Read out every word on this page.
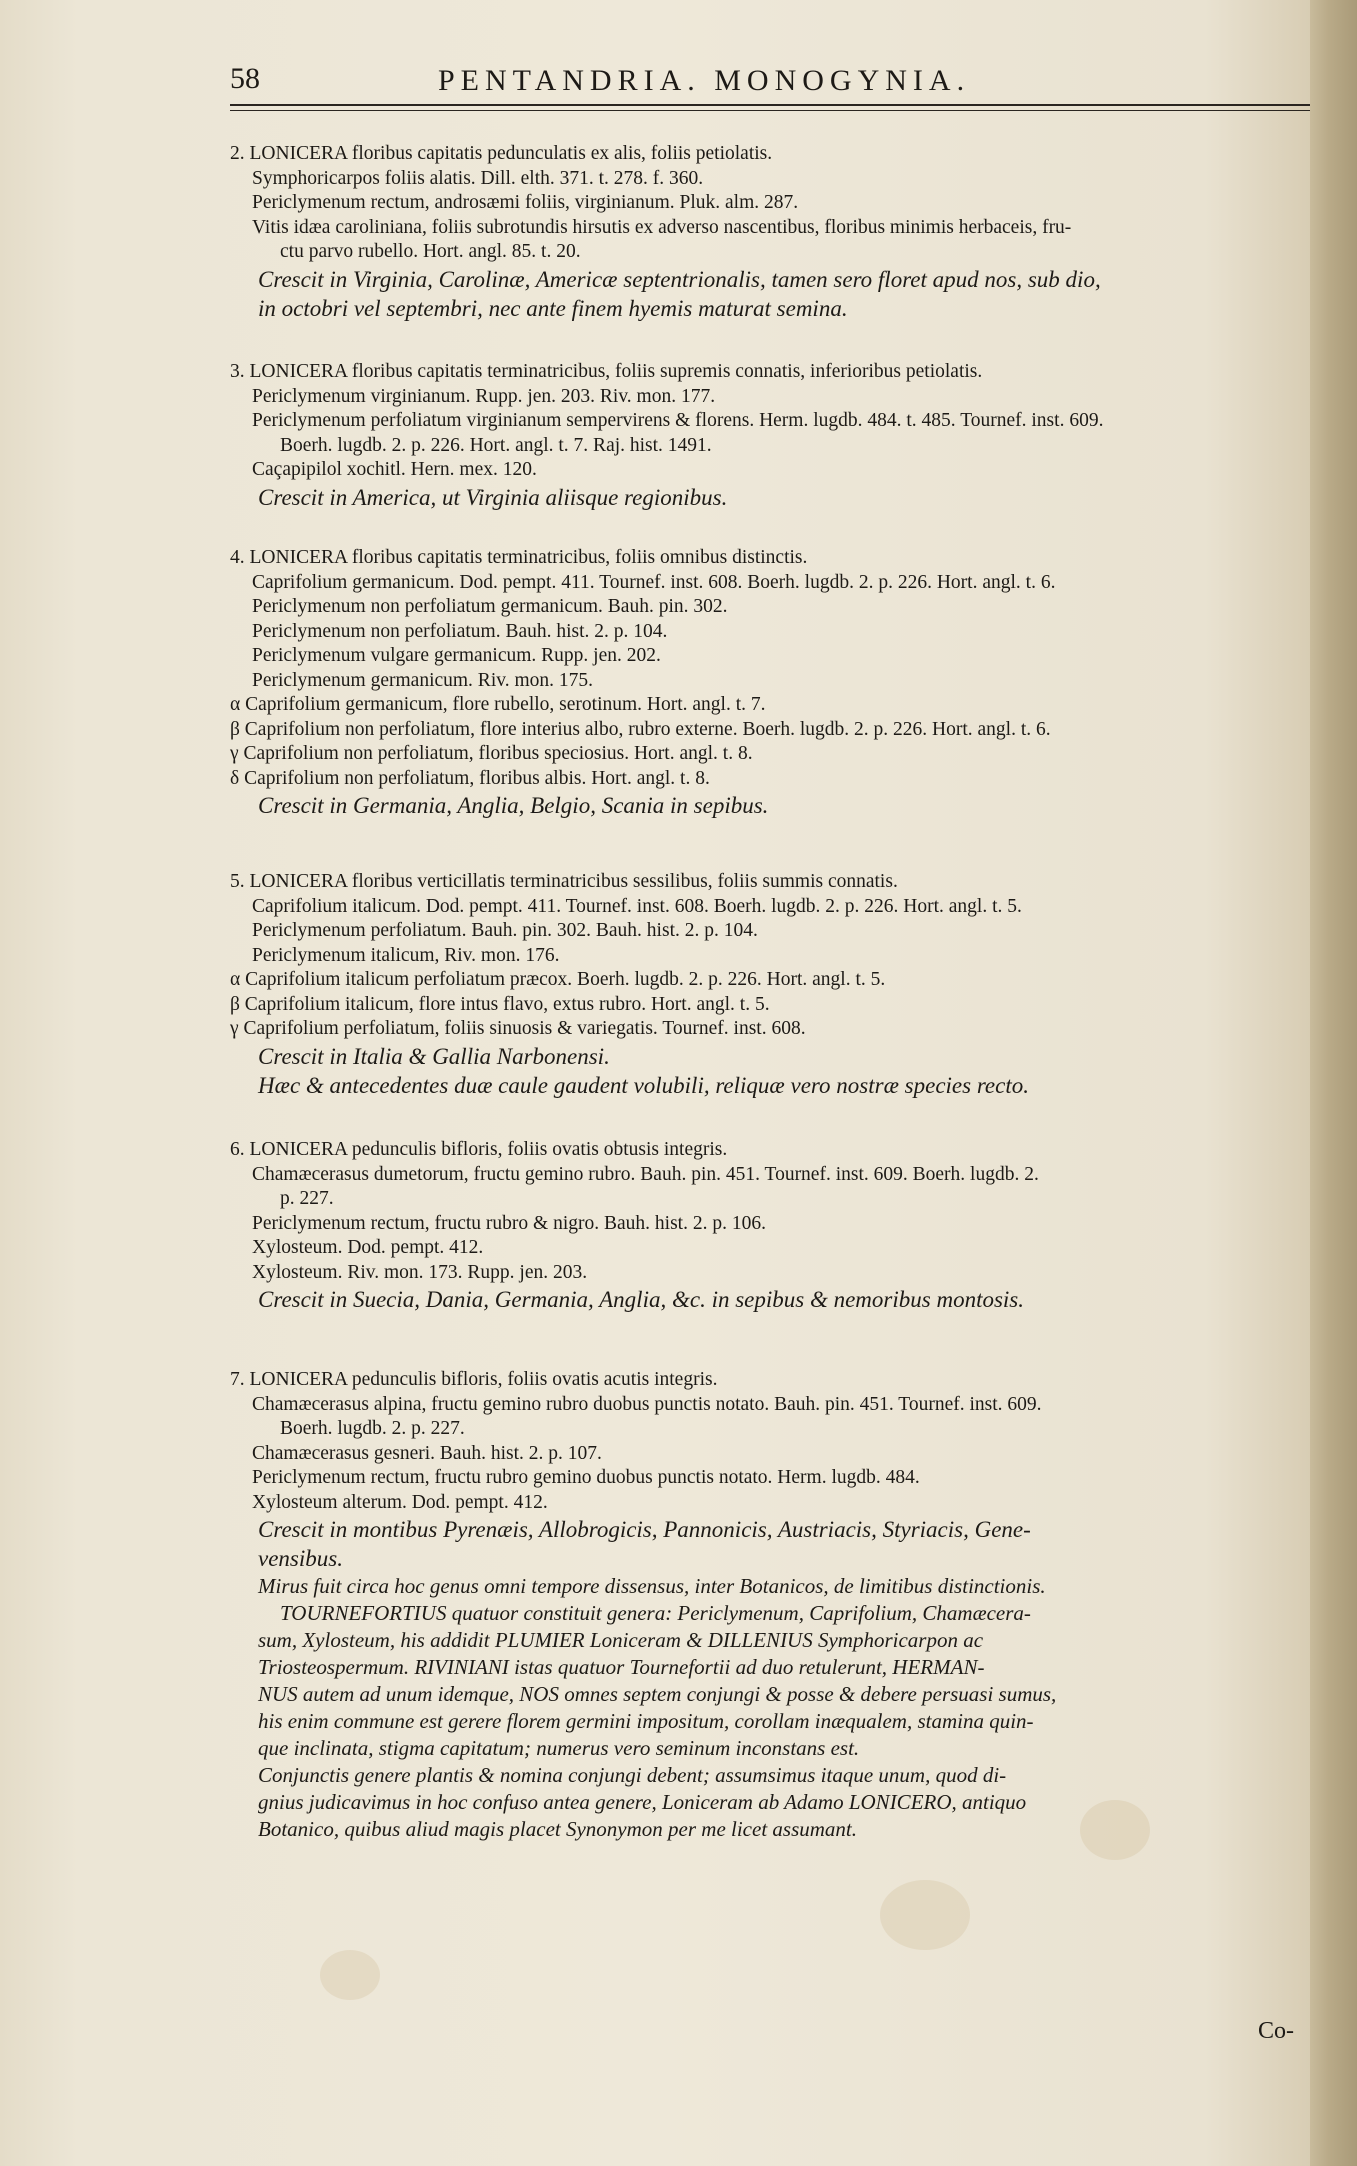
58	PENTANDRIA. MONOGYNIA.
2. LONICERA floribus capitatis pedunculatis ex alis, foliis petiolatis.
Symphoricarpos foliis alatis. Dill. elth. 371. t. 278. f. 360.
Periclymenum rectum, androsæmi foliis, virginianum. Pluk. alm. 287.
Vitis idæa caroliniana, foliis subrotundis hirsutis ex adverso nascentibus, floribus minimis herbaceis, fru-
ctu parvo rubello. Hort. angl. 85. t. 20.
Crescit in Virginia, Carolinæ, Americæ septentrionalis, tamen sero floret apud nos, sub dio,
in octobri vel septembri, nec ante finem hyemis maturat semina.
3. LONICERA floribus capitatis terminatricibus, foliis supremis connatis, inferioribus petiolatis.
Periclymenum virginianum. Rupp. jen. 203. Riv. mon. 177.
Periclymenum perfoliatum virginianum sempervirens & florens. Herm. lugdb. 484. t. 485. Tournef. inst. 609.
Boerh. lugdb. 2. p. 226. Hort. angl. t. 7. Raj. hist. 1491.
Caçapipilol xochitl. Hern. mex. 120.
Crescit in America, ut Virginia aliisque regionibus.
4. LONICERA floribus capitatis terminatricibus, foliis omnibus distinctis.
Caprifolium germanicum. Dod. pempt. 411. Tournef. inst. 608. Boerh. lugdb. 2. p. 226. Hort. angl. t. 6.
Periclymenum non perfoliatum germanicum. Bauh. pin. 302.
Periclymenum non perfoliatum. Bauh. hist. 2. p. 104.
Periclymenum vulgare germanicum. Rupp. jen. 202.
Periclymenum germanicum. Riv. mon. 175.
α Caprifolium germanicum, flore rubello, serotinum. Hort. angl. t. 7.
β Caprifolium non perfoliatum, flore interius albo, rubro externe. Boerh. lugdb. 2. p. 226. Hort. angl. t. 6.
γ Caprifolium non perfoliatum, floribus speciosius. Hort. angl. t. 8.
δ Caprifolium non perfoliatum, floribus albis. Hort. angl. t. 8.
Crescit in Germania, Anglia, Belgio, Scania in sepibus.
5. LONICERA floribus verticillatis terminatricibus sessilibus, foliis summis connatis.
Caprifolium italicum. Dod. pempt. 411. Tournef. inst. 608. Boerh. lugdb. 2. p. 226. Hort. angl. t. 5.
Periclymenum perfoliatum. Bauh. pin. 302. Bauh. hist. 2. p. 104.
Periclymenum italicum, Riv. mon. 176.
α Caprifolium italicum perfoliatum præcox. Boerh. lugdb. 2. p. 226. Hort. angl. t. 5.
β Caprifolium italicum, flore intus flavo, extus rubro. Hort. angl. t. 5.
γ Caprifolium perfoliatum, foliis sinuosis & variegatis. Tournef. inst. 608.
Crescit in Italia & Gallia Narbonensi.
Hæc & antecedentes duæ caule gaudent volubili, reliquæ vero nostræ species recto.
6. LONICERA pedunculis bifloris, foliis ovatis obtusis integris.
Chamæcerasus dumetorum, fructu gemino rubro. Bauh. pin. 451. Tournef. inst. 609. Boerh. lugdb. 2.
p. 227.
Periclymenum rectum, fructu rubro & nigro. Bauh. hist. 2. p. 106.
Xylosteum. Dod. pempt. 412.
Xylosteum. Riv. mon. 173. Rupp. jen. 203.
Crescit in Suecia, Dania, Germania, Anglia, &c. in sepibus & nemoribus montosis.
7. LONICERA pedunculis bifloris, foliis ovatis acutis integris.
Chamæcerasus alpina, fructu gemino rubro duobus punctis notato. Bauh. pin. 451. Tournef. inst. 609.
Boerh. lugdb. 2. p. 227.
Chamæcerasus gesneri. Bauh. hist. 2. p. 107.
Periclymenum rectum, fructu rubro gemino duobus punctis notato. Herm. lugdb. 484.
Xylosteum alterum. Dod. pempt. 412.
Crescit in montibus Pyrenæis, Allobrogicis, Pannonicis, Austriacis, Styriacis, Gene-
vensibus.
Mirus fuit circa hoc genus omni tempore dissensus, inter Botanicos, de limitibus distinctionis.
TOURNEFORTIUS quatuor constituit genera: Periclymenum, Caprifolium, Chamæcera-
sum, Xylosteum, his addidit PLUMIER Loniceram & DILLENIUS Symphoricarpon ac
Triosteospermum. RIVINIANI istas quatuor Tournefortii ad duo retulerunt, HERMAN-
NUS autem ad unum idemque, NOS omnes septem conjungi & posse & debere persuasi sumus,
his enim commune est gerere florem germini impositum, corollam inæqualem, stamina quin-
que inclinata, stigma capitatum; numerus vero seminum inconstans est.
Conjunctis genere plantis & nomina conjungi debent; assumsimus itaque unum, quod di-
gnius judicavimus in hoc confuso antea genere, Loniceram ab Adamo LONICERO, antiquo
Botanico, quibus aliud magis placet Synonymon per me licet assumant.
Co-
